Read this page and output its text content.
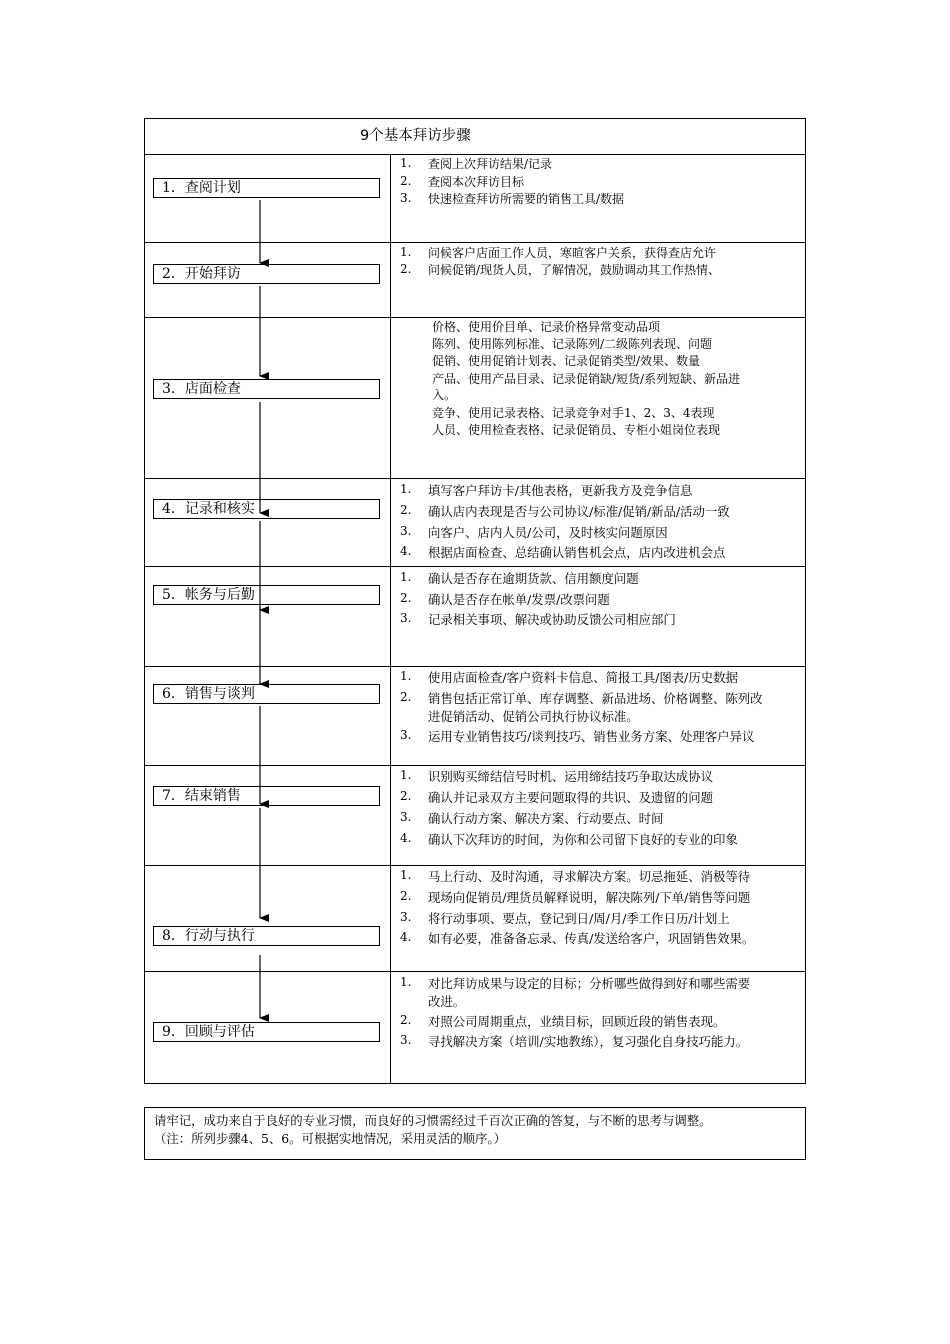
9个基本拜访步骤
1．查阅计划
2．开始拜访
3．店面检查
4．记录和核实
5．帐务与后勤
6．销售与谈判
7．结束销售
8．行动与执行
9．回顾与评估
1. 查阅上次拜访结果/记录
2. 查阅本次拜访目标
3. 快速检查拜访所需要的销售工具/数据
1. 问候客户店面工作人员，寒暄客户关系，获得查店允许
2. 问候促销/现货人员，了解情况，鼓励调动其工作热情、
价格、使用价目单、记录价格异常变动品项
陈列、使用陈列标准、记录陈列/二级陈列表现、问题
促销、使用促销计划表、记录促销类型/效果、数量
产品、使用产品目录、记录促销缺/短货/系列短缺、新品进
入。
竞争、使用记录表格、记录竞争对手1、2、3、4表现
人员、使用检查表格、记录促销员、专柜小姐岗位表现
1. 填写客户拜访卡/其他表格，更新我方及竞争信息
2. 确认店内表现是否与公司协议/标准/促销/新品/活动一致
3. 向客户、店内人员/公司，及时核实问题原因
4. 根据店面检查、总结确认销售机会点，店内改进机会点
1. 确认是否存在逾期货款、信用额度问题
2. 确认是否存在帐单/发票/改票问题
3. 记录相关事项、解决或协助反馈公司相应部门
1. 使用店面检查/客户资料卡信息、简报工具/图表/历史数据
2. 销售包括正常订单、库存调整、新品进场、价格调整、陈列改
进促销活动、促销公司执行协议标准。
3. 运用专业销售技巧/谈判技巧、销售业务方案、处理客户异议
1. 识别购买缔结信号时机、运用缔结技巧争取达成协议
2. 确认并记录双方主要问题取得的共识、及遗留的问题
3. 确认行动方案、解决方案、行动要点、时间
4. 确认下次拜访的时间，为你和公司留下良好的专业的印象
1. 马上行动、及时沟通，寻求解决方案。切忌拖延、消极等待
2. 现场向促销员/理货员解释说明，解决陈列/下单/销售等问题
3. 将行动事项、要点，登记到日/周/月/季工作日历/计划上
4. 如有必要，准备备忘录、传真/发送给客户，巩固销售效果。
1. 对比拜访成果与设定的目标；分析哪些做得到好和哪些需要
改进。
2. 对照公司周期重点，业绩目标，回顾近段的销售表现。
3. 寻找解决方案（培训/实地教练），复习强化自身技巧能力。
请牢记，成功来自于良好的专业习惯，而良好的习惯需经过千百次正确的答复，与不断的思考与调整。
（注：所列步骤4、5、6。可根据实地情况，采用灵活的顺序。）
